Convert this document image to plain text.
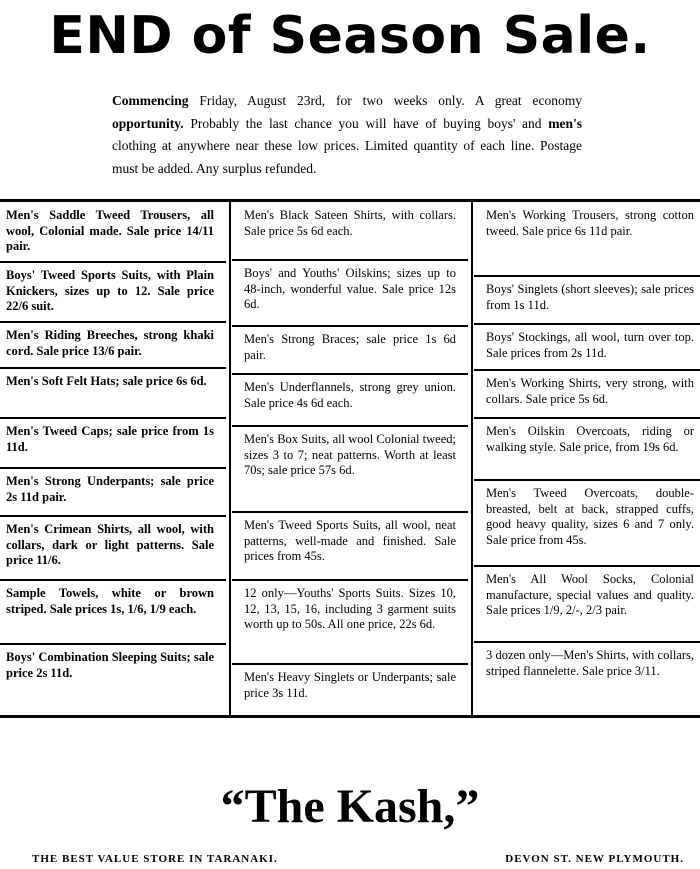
END of Season Sale.

Commencing Friday, August 23rd, for two weeks only. A great economy opportunity. Probably the last chance you will have of buying boys' and men's clothing at anywhere near these low prices. Limited quantity of each line. Postage must be added. Any surplus refunded.

Men's Saddle Tweed Trousers, all wool, Colonial made. Sale price 14/11 pair.

Boys' Tweed Sports Suits, with Plain Knickers, sizes up to 12. Sale price 22/6 suit.

Men's Riding Breeches, strong khaki cord. Sale price 13/6 pair.

Men's Soft Felt Hats; sale price 6s 6d.

Men's Tweed Caps; sale price from 1s 11d.

Men's Strong Underpants; sale price 2s 11d pair.

Men's Crimean Shirts, all wool, with collars, dark or light patterns. Sale price 11/6.

Sample Towels, white or brown striped. Sale prices 1s, 1/6, 1/9 each.

Boys' Combination Sleeping Suits; sale price 2s 11d.

Men's Black Sateen Shirts, with collars. Sale price 5s 6d each.

Boys' and Youths' Oilskins; sizes up to 48-inch, wonderful value. Sale price 12s 6d.

Men's Strong Braces; sale price 1s 6d pair.

Men's Underflannels, strong grey union. Sale price 4s 6d each.

Men's Box Suits, all wool Colonial tweed; sizes 3 to 7; neat patterns. Worth at least 70s; sale price 57s 6d.

Men's Tweed Sports Suits, all wool, neat patterns, well-made and finished. Sale prices from 45s.

12 only—Youths' Sports Suits. Sizes 10, 12, 13, 15, 16, including 3 garment suits worth up to 50s. All one price, 22s 6d.

Men's Heavy Singlets or Underpants; sale price 3s 11d.

Men's Working Trousers, strong cotton tweed. Sale price 6s 11d pair.

Boys' Singlets (short sleeves); sale prices from 1s 11d.

Boys' Stockings, all wool, turn over top. Sale prices from 2s 11d.

Men's Working Shirts, very strong, with collars. Sale price 5s 6d.

Men's Oilskin Overcoats, riding or walking style. Sale price, from 19s 6d.

Men's Tweed Overcoats, double-breasted, belt at back, strapped cuffs, good heavy quality, sizes 6 and 7 only. Sale price from 45s.

Men's All Wool Socks, Colonial manufacture, special values and quality. Sale prices 1/9, 2/-, 2/3 pair.

3 dozen only—Men's Shirts, with collars, striped flannelette. Sale price 3/11.

“The Kash,”

THE BEST VALUE STORE IN TARANAKI.	DEVON ST. NEW PLYMOUTH.
